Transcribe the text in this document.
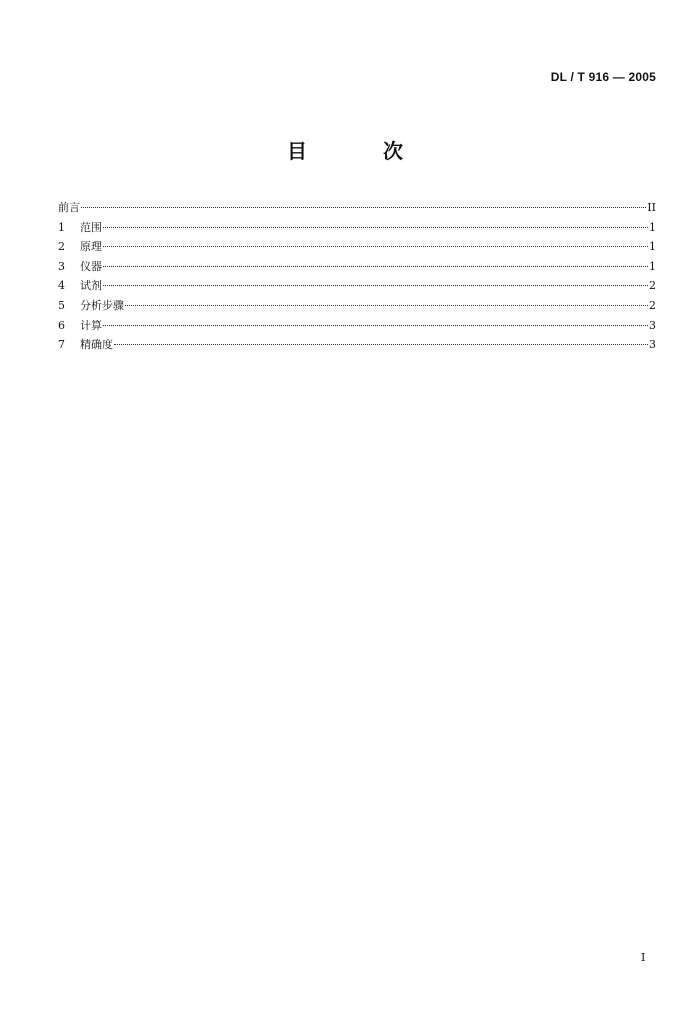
DL / T 916 — 2005
目　次
前言	II
1	范围	1
2	原理	1
3	仪器	1
4	试剂	2
5	分析步骤	2
6	计算	3
7	精确度	3
I
